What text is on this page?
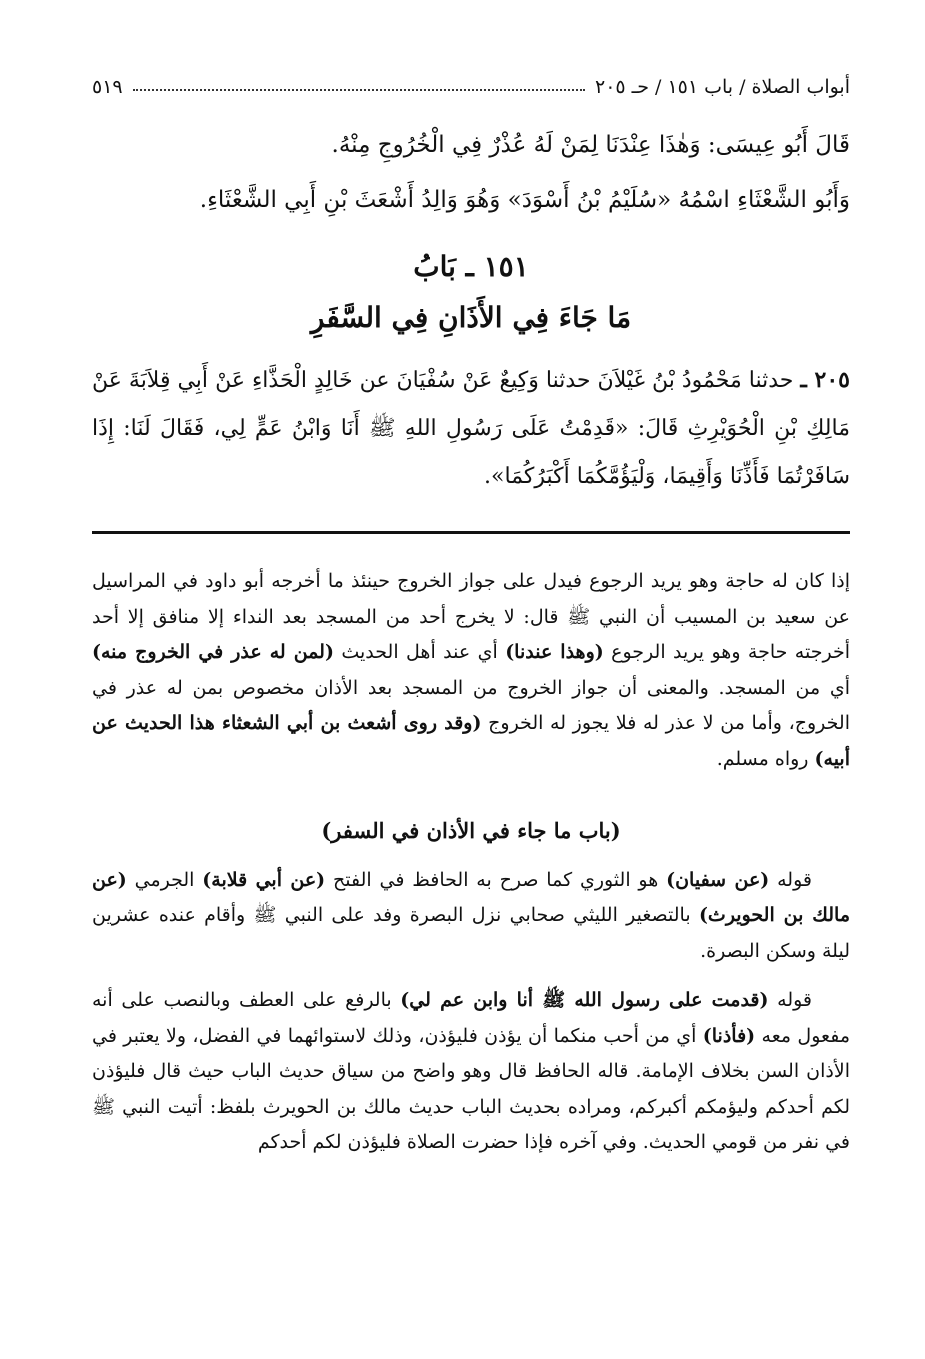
أبواب الصلاة / باب ١٥١ / حـ ٢٠٥
٥١٩

قَالَ أَبُو عِيسَى: وَهٰذَا عِنْدَنَا لِمَنْ لَهُ عُذْرٌ فِي الْخُرُوجِ مِنْهُ.

وَأَبُو الشَّعْثَاءِ اسْمُهُ «سُلَيْمُ بْنُ أَسْوَدَ» وَهُوَ وَالِدُ أَشْعَثَ بْنِ أَبِي الشَّعْثَاءِ.

١٥١ ـ بَابُ
مَا جَاءَ فِي الأَذَانِ فِي السَّفَرِ
٢٠٥ ـ حدثنا مَحْمُودُ بْنُ غَيْلاَنَ حدثنا وَكِيعٌ عَنْ سُفْيَانَ عن خَالِدٍ الْحَذَّاءِ عَنْ أَبِي قِلاَبَةَ عَنْ مَالِكِ بْنِ الْحُوَيْرِثِ قَالَ: «قَدِمْتُ عَلَى رَسُولِ اللهِ ﷺ أَنَا وَابْنُ عَمٍّ لِي، فَقَالَ لَنَا: إِذَا سَافَرْتُمَا فَأَذِّنَا وَأَقِيمَا، وَلْيَؤُمَّكُمَا أَكْبَرُكُمَا».

إذا كان له حاجة وهو يريد الرجوع فيدل على جواز الخروج حينئذ ما أخرجه أبو داود في المراسيل عن سعيد بن المسيب أن النبي ﷺ قال: لا يخرج أحد من المسجد بعد النداء إلا منافق إلا أحد أخرجته حاجة وهو يريد الرجوع (وهذا عندنا) أي عند أهل الحديث (لمن له عذر في الخروج منه) أي من المسجد. والمعنى أن جواز الخروج من المسجد بعد الأذان مخصوص بمن له عذر في الخروج، وأما من لا عذر له فلا يجوز له الخروج (وقد روى أشعث بن أبي الشعثاء هذا الحديث عن أبيه) رواه مسلم.

(باب ما جاء في الأذان في السفر)

قوله (عن سفيان) هو الثوري كما صرح به الحافظ في الفتح (عن أبي قلابة) الجرمي (عن مالك بن الحويرث) بالتصغير الليثي صحابي نزل البصرة وفد على النبي ﷺ وأقام عنده عشرين ليلة وسكن البصرة.

قوله (قدمت على رسول الله ﷺ أنا وابن عم لي) بالرفع على العطف وبالنصب على أنه مفعول معه (فأذنا) أي من أحب منكما أن يؤذن فليؤذن، وذلك لاستوائهما في الفضل، ولا يعتبر في الأذان السن بخلاف الإمامة. قاله الحافظ قال وهو واضح من سياق حديث الباب حيث قال فليؤذن لكم أحدكم وليؤمكم أكبركم، ومراده بحديث الباب حديث مالك بن الحويرث بلفظ: أتيت النبي ﷺ في نفر من قومي الحديث. وفي آخره فإذا حضرت الصلاة فليؤذن لكم أحدكم
